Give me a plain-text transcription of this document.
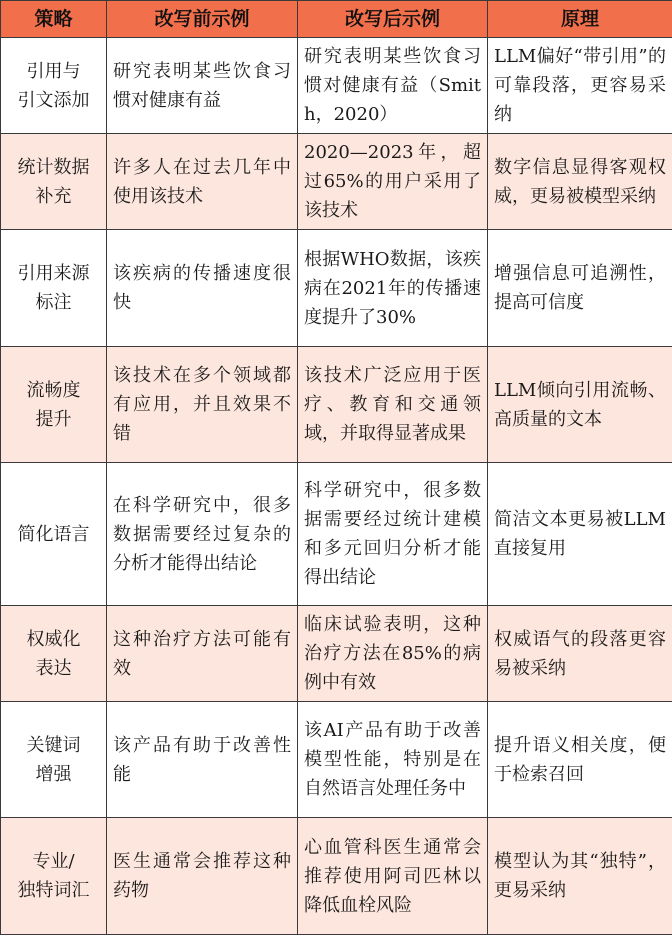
策略	改写前示例	改写后示例	原理

引用与
引文添加	研究表明某些饮食习惯对健康有益	研究表明某些饮食习惯对健康有益（Smith，2020）	LLM偏好“带引用”的可靠段落，更容易采纳

统计数据
补充	许多人在过去几年中使用该技术	2020—2023年，超过65%的用户采用了该技术	数字信息显得客观权威，更易被模型采纳

引用来源
标注	该疾病的传播速度很快	根据WHO数据，该疾病在2021年的传播速度提升了30%	增强信息可追溯性，提高可信度

流畅度
提升	该技术在多个领域都有应用，并且效果不错	该技术广泛应用于医疗、教育和交通领域，并取得显著成果	LLM倾向引用流畅、高质量的文本

简化语言	在科学研究中，很多数据需要经过复杂的分析才能得出结论	科学研究中，很多数据需要经过统计建模和多元回归分析才能得出结论	简洁文本更易被LLM直接复用

权威化
表达	这种治疗方法可能有效	临床试验表明，这种治疗方法在85%的病例中有效	权威语气的段落更容易被采纳

关键词
增强	该产品有助于改善性能	该AI产品有助于改善模型性能，特别是在自然语言处理任务中	提升语义相关度，便于检索召回

专业/
独特词汇	医生通常会推荐这种药物	心血管科医生通常会推荐使用阿司匹林以降低血栓风险	模型认为其“独特”，更易采纳
